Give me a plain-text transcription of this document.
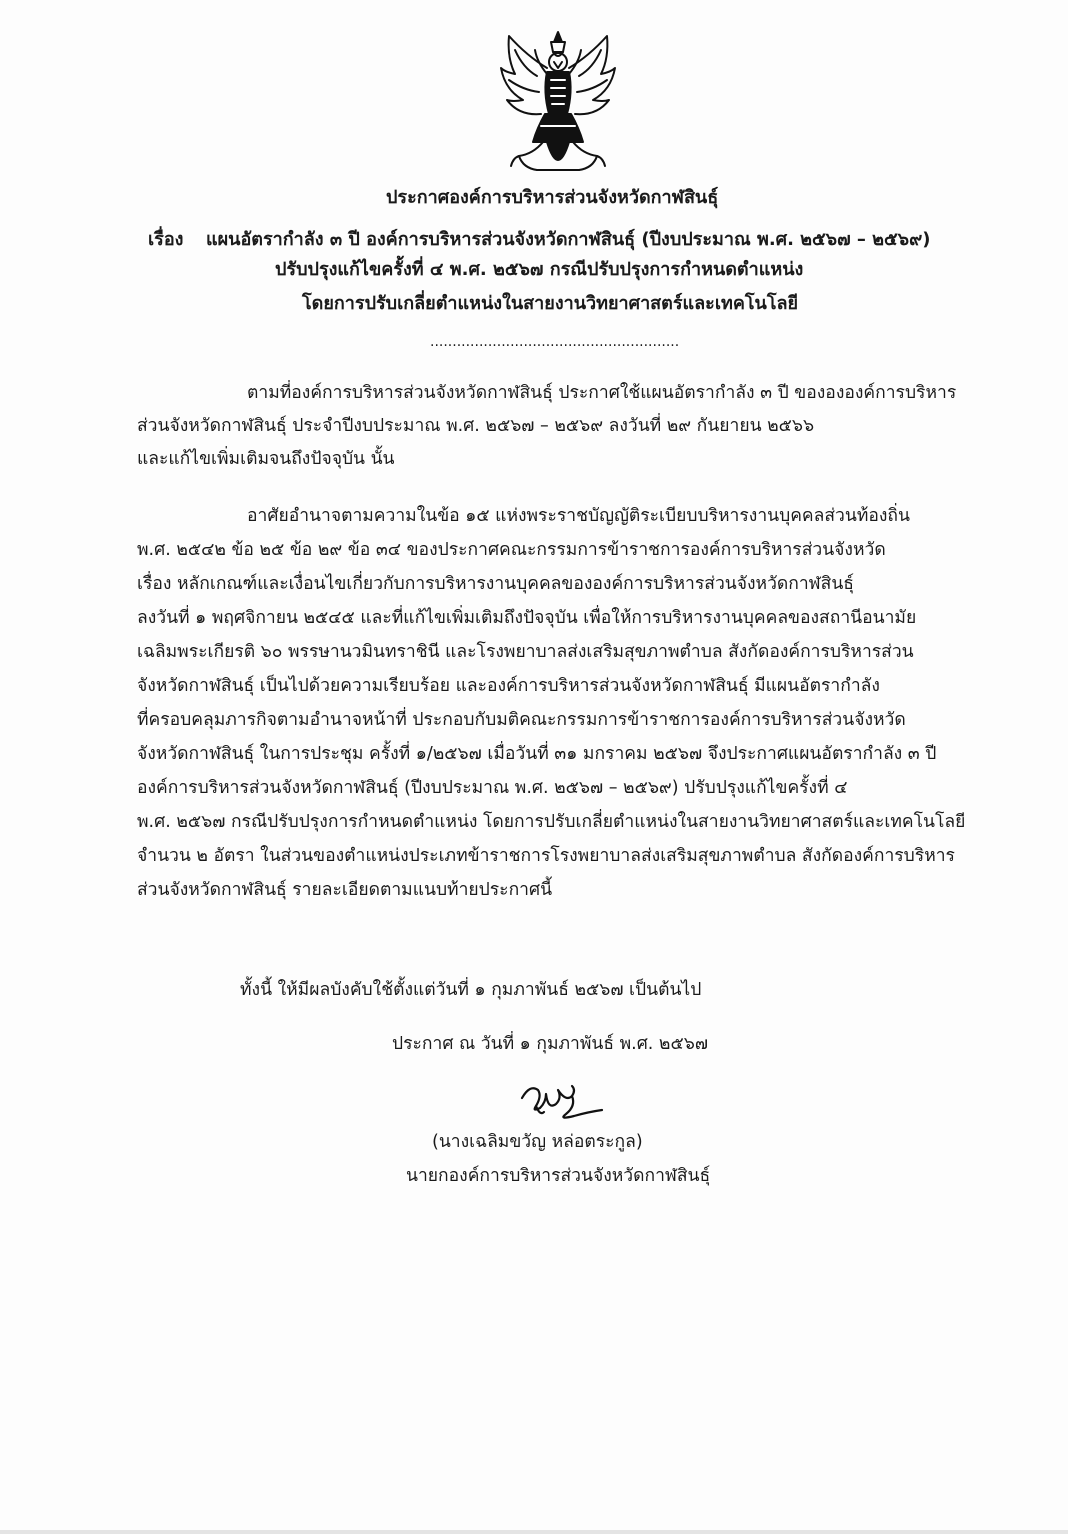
ประกาศองค์การบริหารส่วนจังหวัดกาฬสินธุ์
เรื่อง แผนอัตรากำลัง ๓ ปี องค์การบริหารส่วนจังหวัดกาฬสินธุ์ (ปีงบประมาณ พ.ศ. ๒๕๖๗ – ๒๕๖๙)
ปรับปรุงแก้ไขครั้งที่ ๔ พ.ศ. ๒๕๖๗ กรณีปรับปรุงการกำหนดตำแหน่ง
โดยการปรับเกลี่ยตำแหน่งในสายงานวิทยาศาสตร์และเทคโนโลยี
........................................................
ตามที่องค์การบริหารส่วนจังหวัดกาฬสินธุ์ ประกาศใช้แผนอัตรากำลัง ๓ ปี ของององค์การบริหาร
ส่วนจังหวัดกาฬสินธุ์ ประจำปีงบประมาณ พ.ศ. ๒๕๖๗ – ๒๕๖๙ ลงวันที่ ๒๙ กันยายน ๒๕๖๖
และแก้ไขเพิ่มเติมจนถึงปัจจุบัน นั้น
อาศัยอำนาจตามความในข้อ ๑๕ แห่งพระราชบัญญัติระเบียบบริหารงานบุคคลส่วนท้องถิ่น
พ.ศ. ๒๕๔๒ ข้อ ๒๕ ข้อ ๒๙ ข้อ ๓๔ ของประกาศคณะกรรมการข้าราชการองค์การบริหารส่วนจังหวัด
เรื่อง หลักเกณฑ์และเงื่อนไขเกี่ยวกับการบริหารงานบุคคลขององค์การบริหารส่วนจังหวัดกาฬสินธุ์
ลงวันที่ ๑ พฤศจิกายน ๒๕๔๕ และที่แก้ไขเพิ่มเติมถึงปัจจุบัน เพื่อให้การบริหารงานบุคคลของสถานีอนามัย
เฉลิมพระเกียรติ ๖๐ พรรษานวมินทราชินี และโรงพยาบาลส่งเสริมสุขภาพตำบล สังกัดองค์การบริหารส่วน
จังหวัดกาฬสินธุ์ เป็นไปด้วยความเรียบร้อย และองค์การบริหารส่วนจังหวัดกาฬสินธุ์ มีแผนอัตรากำลัง
ที่ครอบคลุมภารกิจตามอำนาจหน้าที่ ประกอบกับมติคณะกรรมการข้าราชการองค์การบริหารส่วนจังหวัด
จังหวัดกาฬสินธุ์ ในการประชุม ครั้งที่ ๑/๒๕๖๗ เมื่อวันที่ ๓๑ มกราคม ๒๕๖๗ จึงประกาศแผนอัตรากำลัง ๓ ปี
องค์การบริหารส่วนจังหวัดกาฬสินธุ์ (ปีงบประมาณ พ.ศ. ๒๕๖๗ – ๒๕๖๙) ปรับปรุงแก้ไขครั้งที่ ๔
พ.ศ. ๒๕๖๗ กรณีปรับปรุงการกำหนดตำแหน่ง โดยการปรับเกลี่ยตำแหน่งในสายงานวิทยาศาสตร์และเทคโนโลยี
จำนวน ๒ อัตรา ในส่วนของตำแหน่งประเภทข้าราชการโรงพยาบาลส่งเสริมสุขภาพตำบล สังกัดองค์การบริหาร
ส่วนจังหวัดกาฬสินธุ์ รายละเอียดตามแนบท้ายประกาศนี้
ทั้งนี้ ให้มีผลบังคับใช้ตั้งแต่วันที่ ๑ กุมภาพันธ์ ๒๕๖๗ เป็นต้นไป
ประกาศ ณ วันที่ ๑ กุมภาพันธ์ พ.ศ. ๒๕๖๗
(นางเฉลิมขวัญ หล่อตระกูล)
นายกองค์การบริหารส่วนจังหวัดกาฬสินธุ์
